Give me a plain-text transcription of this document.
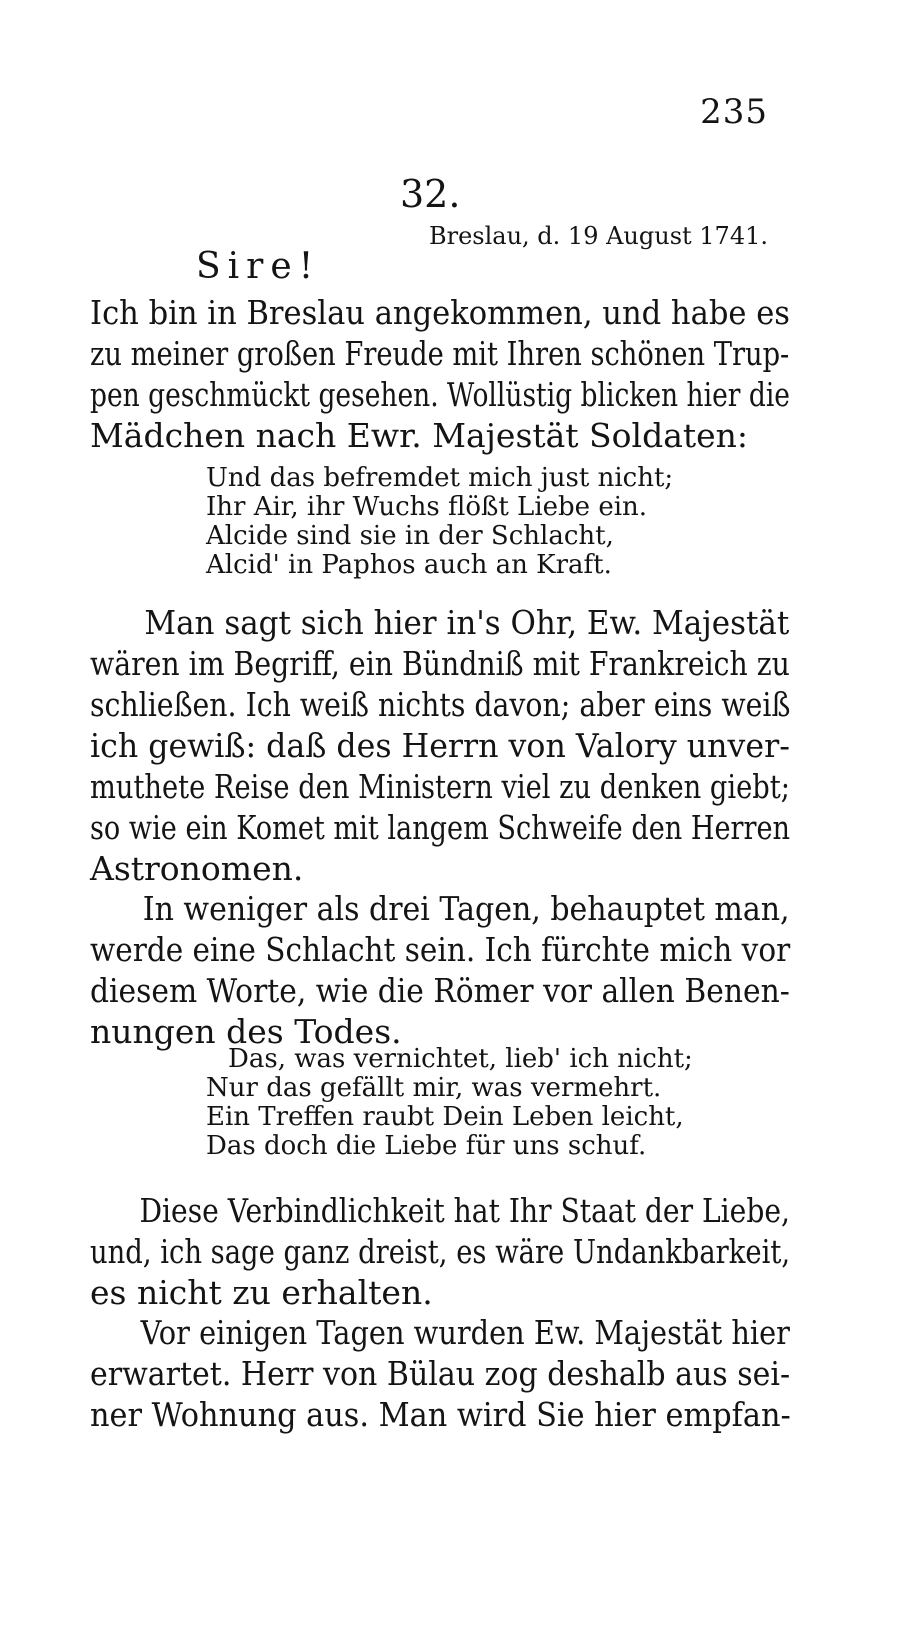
235
32.
Breslau, d. 19 August 1741.
Sire!
Ich bin in Breslau angekommen, und habe es
zu meiner großen Freude mit Ihren schönen Trup-
pen geschmückt gesehen. Wollüstig blicken hier die
Mädchen nach Ewr. Majestät Soldaten:
Und das befremdet mich just nicht;
Ihr Air, ihr Wuchs flößt Liebe ein.
Alcide sind sie in der Schlacht,
Alcid' in Paphos auch an Kraft.
Man sagt sich hier in's Ohr, Ew. Majestät
wären im Begriff, ein Bündniß mit Frankreich zu
schließen. Ich weiß nichts davon; aber eins weiß
ich gewiß: daß des Herrn von Valory unver-
muthete Reise den Ministern viel zu denken giebt;
so wie ein Komet mit langem Schweife den Herren
Astronomen.
In weniger als drei Tagen, behauptet man,
werde eine Schlacht sein. Ich fürchte mich vor
diesem Worte, wie die Römer vor allen Benen-
nungen des Todes.
Das, was vernichtet, lieb' ich nicht;
Nur das gefällt mir, was vermehrt.
Ein Treffen raubt Dein Leben leicht,
Das doch die Liebe für uns schuf.
Diese Verbindlichkeit hat Ihr Staat der Liebe,
und, ich sage ganz dreist, es wäre Undankbarkeit,
es nicht zu erhalten.
Vor einigen Tagen wurden Ew. Majestät hier
erwartet. Herr von Bülau zog deshalb aus sei-
ner Wohnung aus. Man wird Sie hier empfan-
